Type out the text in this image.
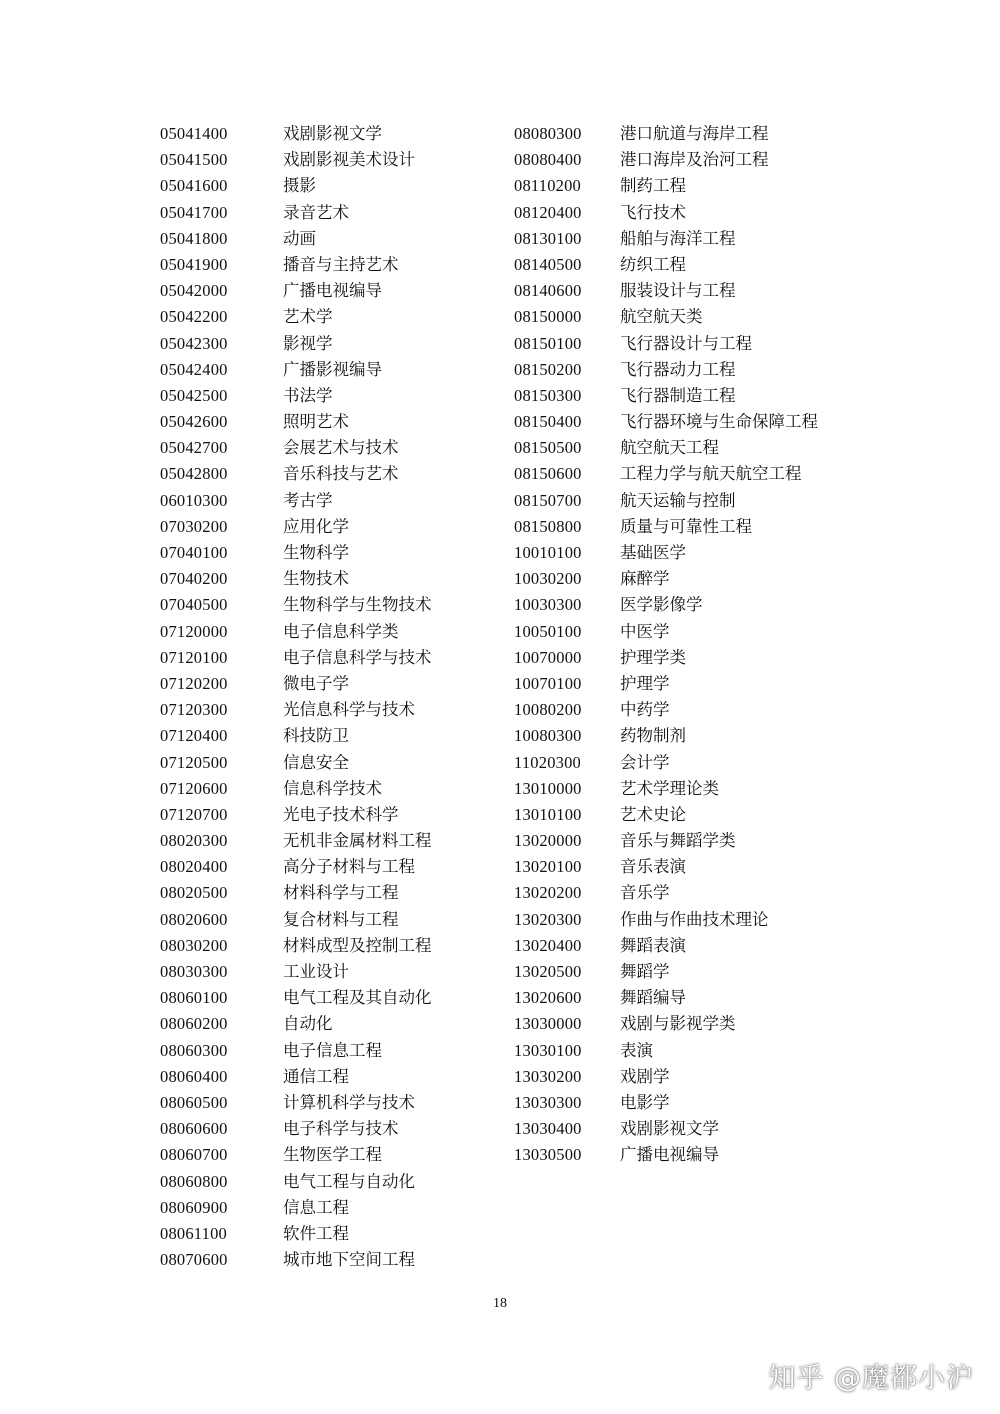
05041400	戏剧影视文学
05041500	戏剧影视美术设计
05041600	摄影
05041700	录音艺术
05041800	动画
05041900	播音与主持艺术
05042000	广播电视编导
05042200	艺术学
05042300	影视学
05042400	广播影视编导
05042500	书法学
05042600	照明艺术
05042700	会展艺术与技术
05042800	音乐科技与艺术
06010300	考古学
07030200	应用化学
07040100	生物科学
07040200	生物技术
07040500	生物科学与生物技术
07120000	电子信息科学类
07120100	电子信息科学与技术
07120200	微电子学
07120300	光信息科学与技术
07120400	科技防卫
07120500	信息安全
07120600	信息科学技术
07120700	光电子技术科学
08020300	无机非金属材料工程
08020400	高分子材料与工程
08020500	材料科学与工程
08020600	复合材料与工程
08030200	材料成型及控制工程
08030300	工业设计
08060100	电气工程及其自动化
08060200	自动化
08060300	电子信息工程
08060400	通信工程
08060500	计算机科学与技术
08060600	电子科学与技术
08060700	生物医学工程
08060800	电气工程与自动化
08060900	信息工程
08061100	软件工程
08070600	城市地下空间工程
08080300 港口航道与海岸工程
08080400 港口海岸及治河工程
08110200 制药工程
08120400 飞行技术
08130100 船舶与海洋工程
08140500 纺织工程
08140600 服装设计与工程
08150000 航空航天类
08150100 飞行器设计与工程
08150200 飞行器动力工程
08150300 飞行器制造工程
08150400 飞行器环境与生命保障工程
08150500 航空航天工程
08150600 工程力学与航天航空工程
08150700 航天运输与控制
08150800 质量与可靠性工程
10010100 基础医学
10030200 麻醉学
10030300 医学影像学
10050100 中医学
10070000 护理学类
10070100 护理学
10080200 中药学
10080300 药物制剂
11020300 会计学
13010000 艺术学理论类
13010100 艺术史论
13020000 音乐与舞蹈学类
13020100 音乐表演
13020200 音乐学
13020300 作曲与作曲技术理论
13020400 舞蹈表演
13020500 舞蹈学
13020600 舞蹈编导
13030000 戏剧与影视学类
13030100 表演
13030200 戏剧学
13030300 电影学
13030400 戏剧影视文学
13030500 广播电视编导
18
知乎 @魔都小沪
